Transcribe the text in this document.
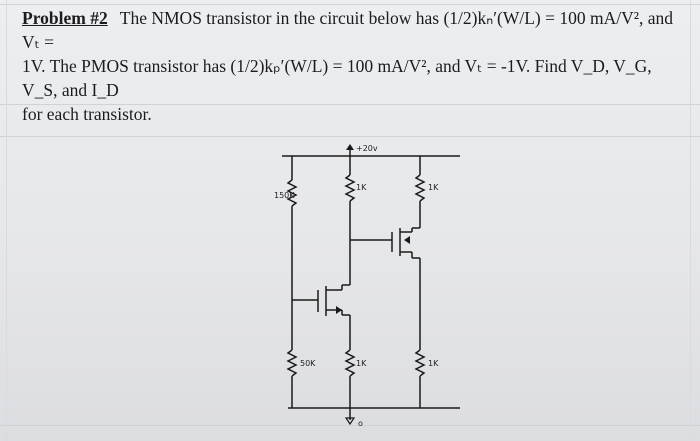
Problem #2 The NMOS transistor in the circuit below has (1/2)kₙ′(W/L) = 100 mA/V², and Vₜ =

1V. The PMOS transistor has (1/2)kₚ′(W/L) = 100 mA/V², and Vₜ = -1V. Find V_D, V_G, V_S, and I_D

for each transistor.

+20v
150K
1K	1K
50K	1K	1K
o
